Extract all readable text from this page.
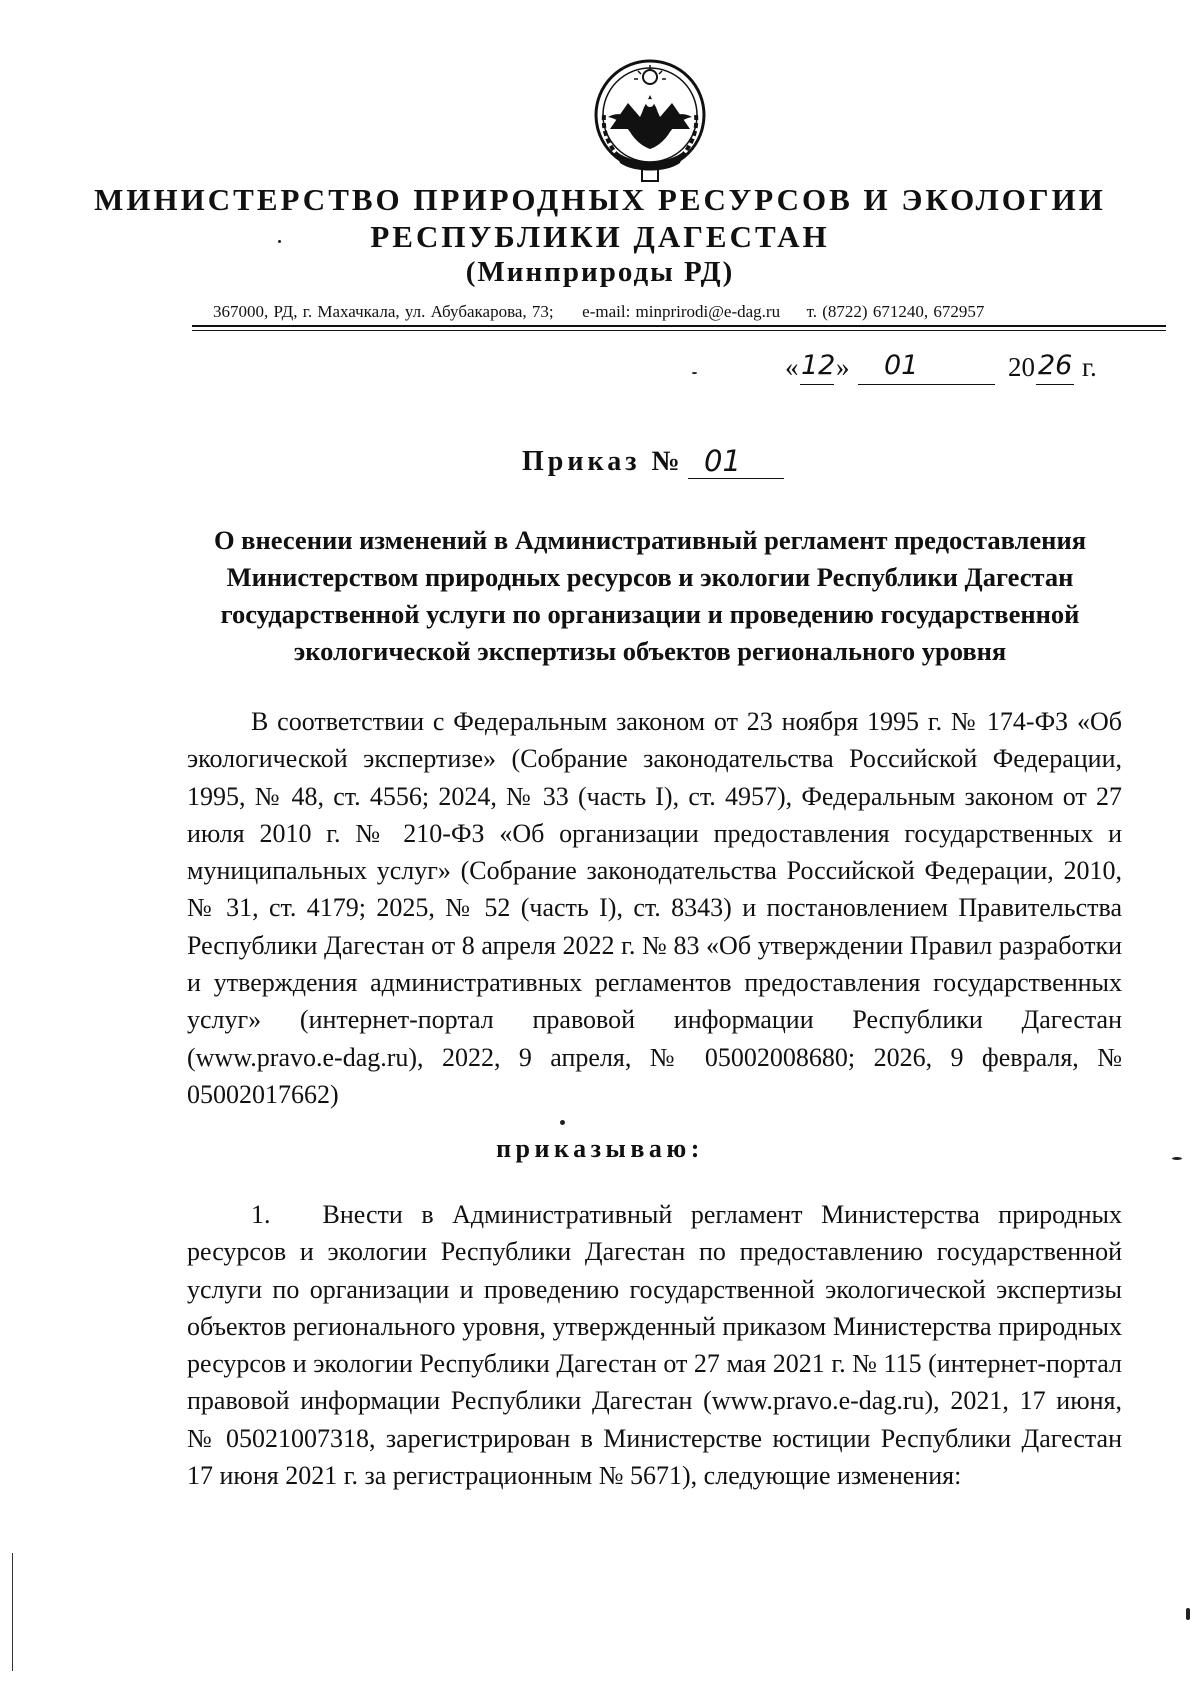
МИНИСТЕРСТВО ПРИРОДНЫХ РЕСУРСОВ И ЭКОЛОГИИ
РЕСПУБЛИКИ ДАГЕСТАН
(Минприроды РД)
367000, РД, г. Махачкала, ул. Абубакарова, 73; e-mail: minprirodi@e-dag.ru т. (8722) 671240, 672957
« 12 » 01	20 26 г.
Приказ № 01
О внесении изменений в Административный регламент предоставления Министерством природных ресурсов и экологии Республики Дагестан государственной услуги по организации и проведению государственной экологической экспертизы объектов регионального уровня
В соответствии с Федеральным законом от 23 ноября 1995 г. № 174-ФЗ «Об экологической экспертизе» (Собрание законодательства Российской Федерации, 1995, № 48, ст. 4556; 2024, № 33 (часть I), ст. 4957), Федеральным законом от 27 июля 2010 г. № 210-ФЗ «Об организации предоставления государственных и муниципальных услуг» (Собрание законодательства Российской Федерации, 2010, № 31, ст. 4179; 2025, № 52 (часть I), ст. 8343) и постановлением Правительства Республики Дагестан от 8 апреля 2022 г. № 83 «Об утверждении Правил разработки и утверждения административных регламентов предоставления государственных услуг» (интернет-портал правовой информации Республики Дагестан (www.pravo.e-dag.ru), 2022, 9 апреля, № 05002008680; 2026, 9 февраля, № 05002017662)
приказываю:
1.  Внести в Административный регламент Министерства природных ресурсов и экологии Республики Дагестан по предоставлению государственной услуги по организации и проведению государственной экологической экспертизы объектов регионального уровня, утвержденный приказом Министерства природных ресурсов и экологии Республики Дагестан от 27 мая 2021 г. № 115 (интернет-портал правовой информации Республики Дагестан (www.pravo.e-dag.ru), 2021, 17 июня, № 05021007318, зарегистрирован в Министерстве юстиции Республики Дагестан 17 июня 2021 г. за регистрационным № 5671), следующие изменения:
